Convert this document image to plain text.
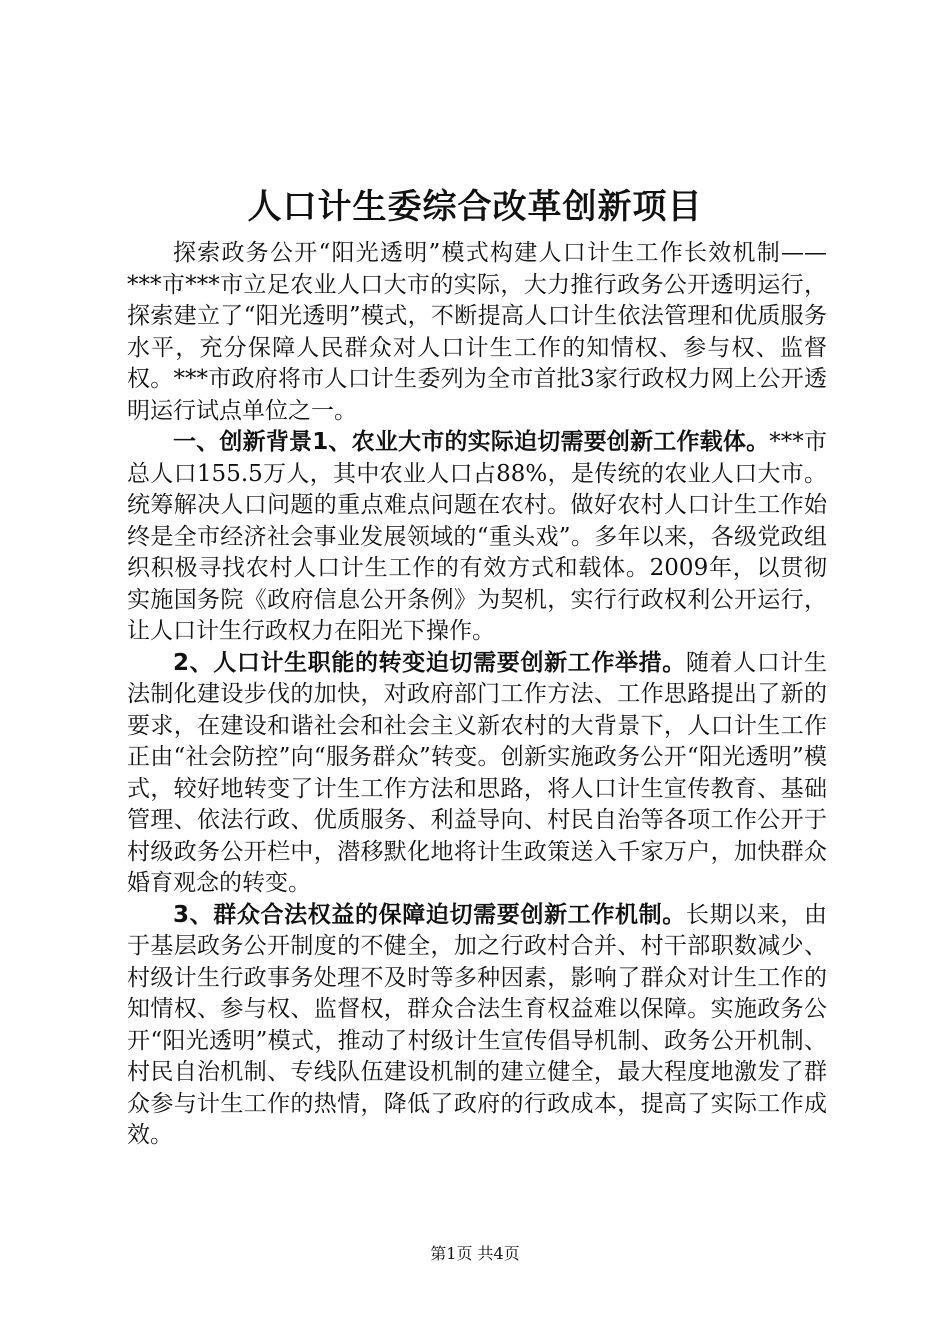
人口计生委综合改革创新项目

探索政务公开“阳光透明”模式构建人口计生工作长效机制——***市***市立足农业人口大市的实际，大力推行政务公开透明运行，探索建立了“阳光透明”模式，不断提高人口计生依法管理和优质服务水平，充分保障人民群众对人口计生工作的知情权、参与权、监督权。***市政府将市人口计生委列为全市首批3家行政权力网上公开透明运行试点单位之一。

一、创新背景1、农业大市的实际迫切需要创新工作载体。***市总人口155.5万人，其中农业人口占88%，是传统的农业人口大市。统筹解决人口问题的重点难点问题在农村。做好农村人口计生工作始终是全市经济社会事业发展领域的“重头戏”。多年以来，各级党政组织积极寻找农村人口计生工作的有效方式和载体。2009年，以贯彻实施国务院《政府信息公开条例》为契机，实行行政权利公开运行，让人口计生行政权力在阳光下操作。

2、人口计生职能的转变迫切需要创新工作举措。随着人口计生法制化建设步伐的加快，对政府部门工作方法、工作思路提出了新的要求，在建设和谐社会和社会主义新农村的大背景下，人口计生工作正由“社会防控”向“服务群众”转变。创新实施政务公开“阳光透明”模式，较好地转变了计生工作方法和思路，将人口计生宣传教育、基础管理、依法行政、优质服务、利益导向、村民自治等各项工作公开于村级政务公开栏中，潜移默化地将计生政策送入千家万户，加快群众婚育观念的转变。

3、群众合法权益的保障迫切需要创新工作机制。长期以来，由于基层政务公开制度的不健全，加之行政村合并、村干部职数减少、村级计生行政事务处理不及时等多种因素，影响了群众对计生工作的知情权、参与权、监督权，群众合法生育权益难以保障。实施政务公开“阳光透明”模式，推动了村级计生宣传倡导机制、政务公开机制、村民自治机制、专线队伍建设机制的建立健全，最大程度地激发了群众参与计生工作的热情，降低了政府的行政成本，提高了实际工作成效。

第1页 共4页
